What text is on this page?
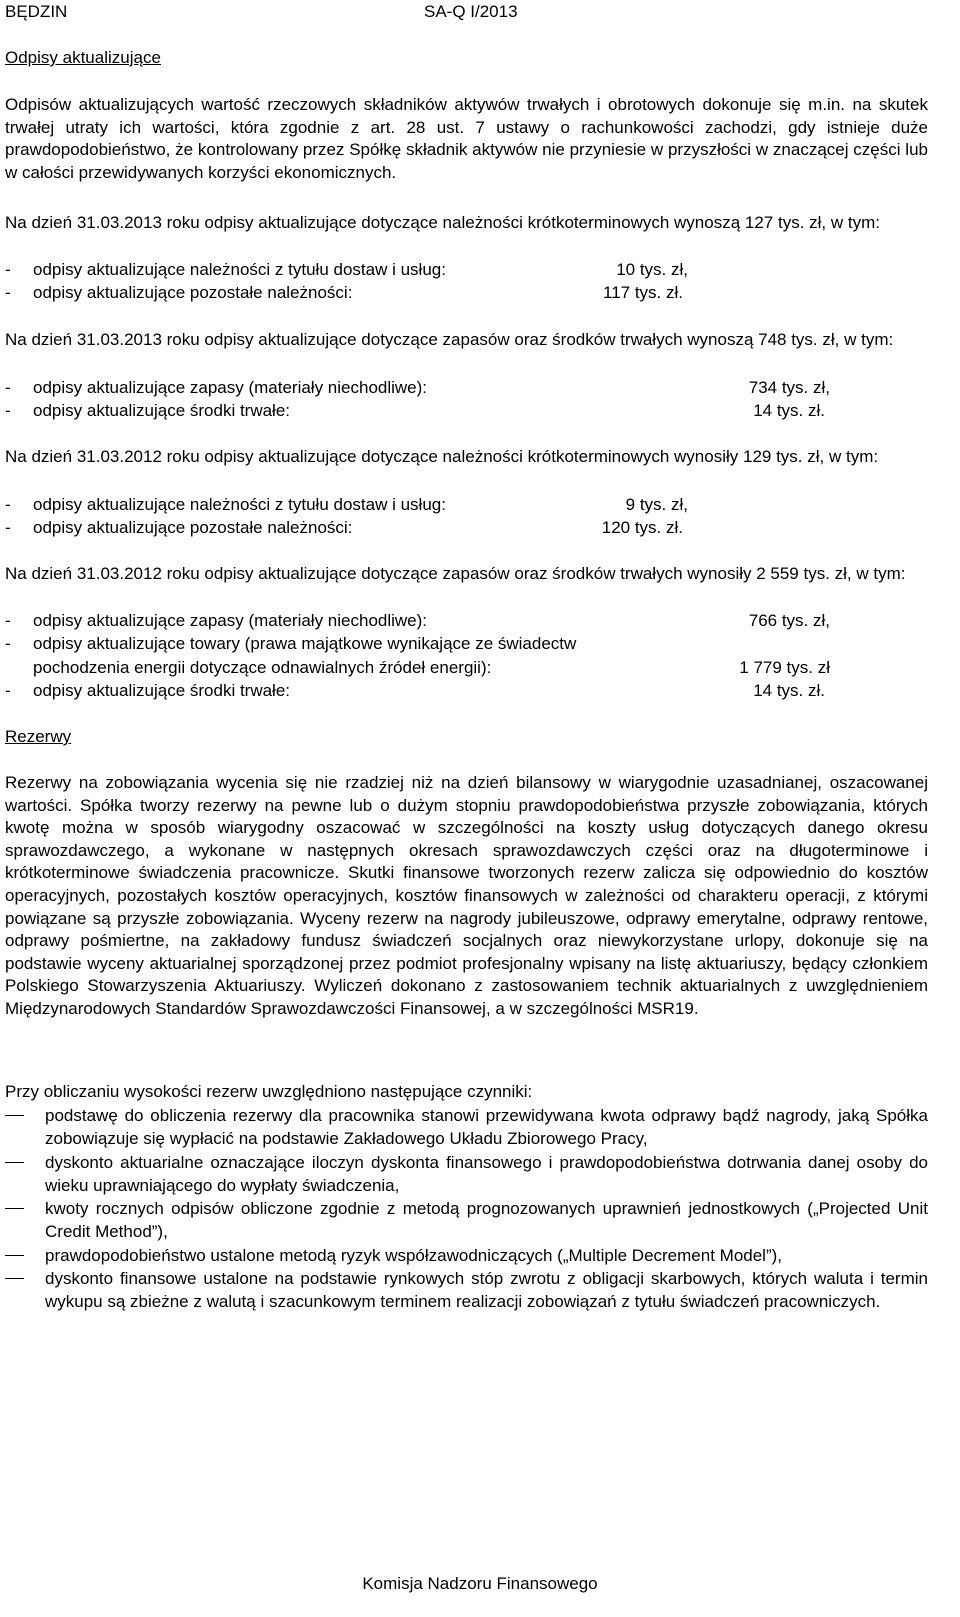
BĘDZIN	SA-Q I/2013
Odpisy aktualizujące
Odpisów aktualizujących wartość rzeczowych składników aktywów trwałych i obrotowych dokonuje się m.in. na skutek trwałej utraty ich wartości, która zgodnie z art. 28 ust. 7 ustawy o rachunkowości zachodzi, gdy istnieje duże prawdopodobieństwo, że kontrolowany przez Spółkę składnik aktywów nie przyniesie w przyszłości w znaczącej części lub w całości przewidywanych korzyści ekonomicznych.
Na dzień 31.03.2013 roku odpisy aktualizujące dotyczące należności krótkoterminowych wynoszą 127 tys. zł, w tym:
- odpisy aktualizujące należności z tytułu dostaw i usług:	10 tys. zł,
- odpisy aktualizujące pozostałe należności:	117 tys. zł.
Na dzień 31.03.2013 roku odpisy aktualizujące dotyczące zapasów oraz środków trwałych wynoszą 748 tys. zł, w tym:
- odpisy aktualizujące zapasy (materiały niechodliwe):	734 tys. zł,
- odpisy aktualizujące środki trwałe:	14 tys. zł.
Na dzień 31.03.2012 roku odpisy aktualizujące dotyczące należności krótkoterminowych wynosiły 129 tys. zł, w tym:
- odpisy aktualizujące należności z tytułu dostaw i usług:	9 tys. zł,
- odpisy aktualizujące pozostałe należności:	120 tys. zł.
Na dzień 31.03.2012 roku odpisy aktualizujące dotyczące zapasów oraz środków trwałych wynosiły 2 559 tys. zł, w tym:
- odpisy aktualizujące zapasy (materiały niechodliwe):	766 tys. zł,
- odpisy aktualizujące towary (prawa majątkowe wynikające ze świadectw
pochodzenia energii dotyczące odnawialnych źródeł energii):	1 779 tys. zł
- odpisy aktualizujące środki trwałe:	14 tys. zł.
Rezerwy
Rezerwy na zobowiązania wycenia się nie rzadziej niż na dzień bilansowy w wiarygodnie uzasadnianej, oszacowanej wartości. Spółka tworzy rezerwy na pewne lub o dużym stopniu prawdopodobieństwa przyszłe zobowiązania, których kwotę można w sposób wiarygodny oszacować w szczególności na koszty usług dotyczących danego okresu sprawozdawczego, a wykonane w następnych okresach sprawozdawczych części oraz na długoterminowe i krótkoterminowe świadczenia pracownicze. Skutki finansowe tworzonych rezerw zalicza się odpowiednio do kosztów operacyjnych, pozostałych kosztów operacyjnych, kosztów finansowych w zależności od charakteru operacji, z którymi powiązane są przyszłe zobowiązania. Wyceny rezerw na nagrody jubileuszowe, odprawy emerytalne, odprawy rentowe, odprawy pośmiertne, na zakładowy fundusz świadczeń socjalnych oraz niewykorzystane urlopy, dokonuje się na podstawie wyceny aktuarialnej sporządzonej przez podmiot profesjonalny wpisany na listę aktuariuszy, będący członkiem Polskiego Stowarzyszenia Aktuariuszy. Wyliczeń dokonano z zastosowaniem technik aktuarialnych z uwzględnieniem Międzynarodowych Standardów Sprawozdawczości Finansowej, a w szczególności MSR19.
Przy obliczaniu wysokości rezerw uwzględniono następujące czynniki:
podstawę do obliczenia rezerwy dla pracownika stanowi przewidywana kwota odprawy bądź nagrody, jaką Spółka zobowiązuje się wypłacić na podstawie Zakładowego Układu Zbiorowego Pracy,
dyskonto aktuarialne oznaczające iloczyn dyskonta finansowego i prawdopodobieństwa dotrwania danej osoby do wieku uprawniającego do wypłaty świadczenia,
kwoty rocznych odpisów obliczone zgodnie z metodą prognozowanych uprawnień jednostkowych („Projected Unit Credit Method”),
prawdopodobieństwo ustalone metodą ryzyk współzawodniczących („Multiple Decrement Model”),
dyskonto finansowe ustalone na podstawie rynkowych stóp zwrotu z obligacji skarbowych, których waluta i termin wykupu są zbieżne z walutą i szacunkowym terminem realizacji zobowiązań z tytułu świadczeń pracowniczych.
Komisja Nadzoru Finansowego
